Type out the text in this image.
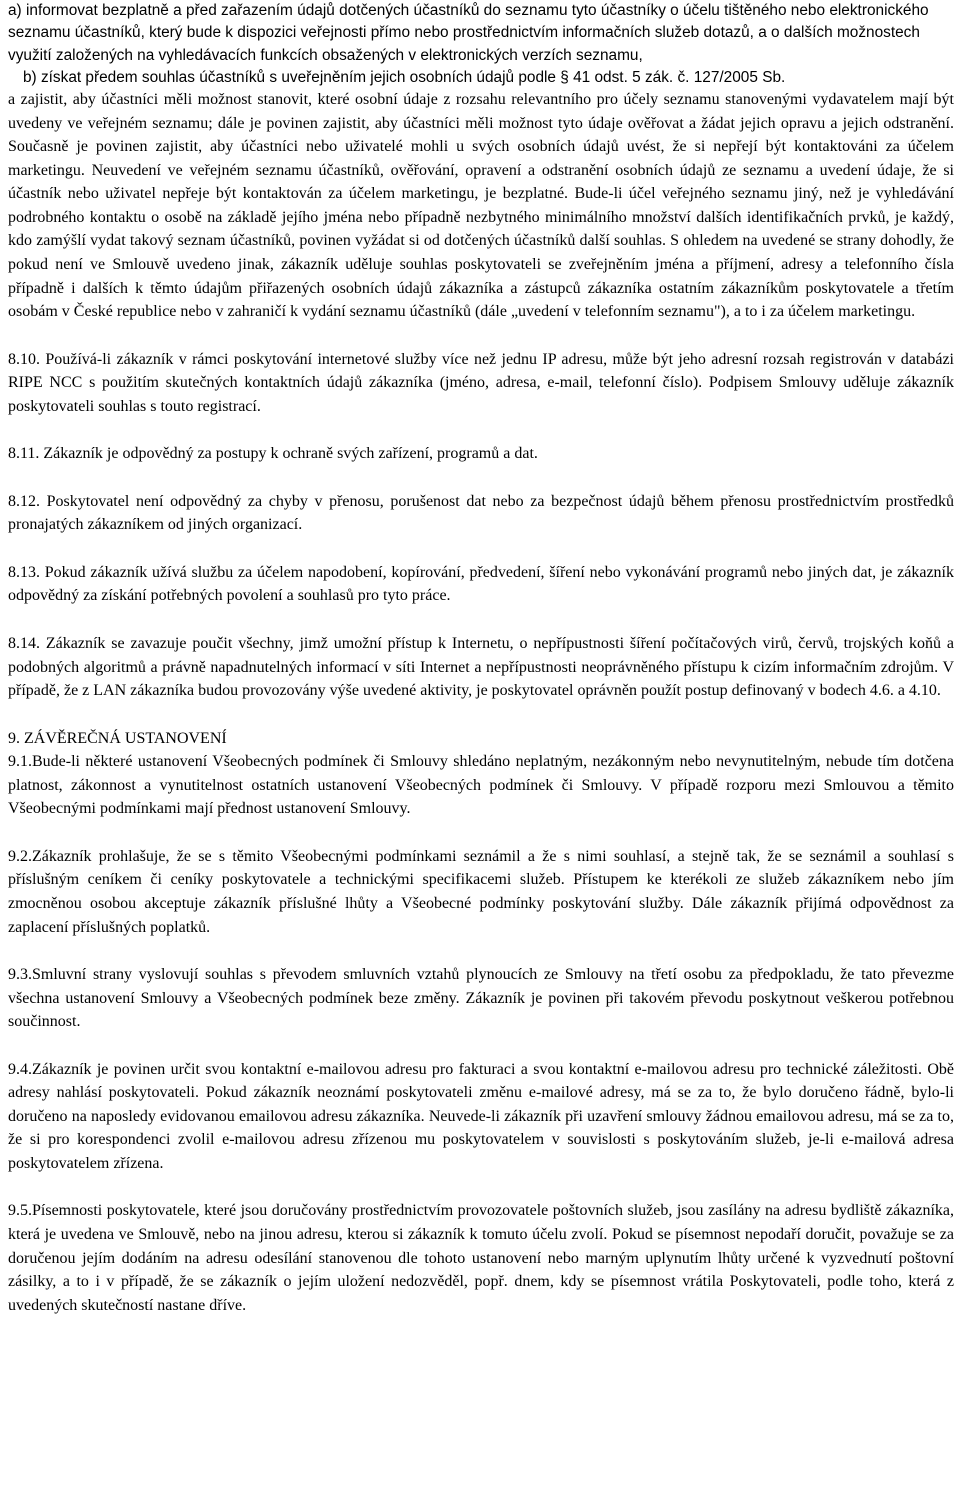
a) informovat bezplatně a před zařazením údajů dotčených účastníků do seznamu tyto účastníky o účelu tištěného nebo elektronického seznamu účastníků, který bude k dispozici veřejnosti přímo nebo prostřednictvím informačních služeb dotazů, a o dalších možnostech využití založených na vyhledávacích funkcích obsažených v elektronických verzích seznamu,

b) získat předem souhlas účastníků s uveřejněním jejich osobních údajů podle § 41 odst. 5 zák. č. 127/2005 Sb.

a zajistit, aby účastníci měli možnost stanovit, které osobní údaje z rozsahu relevantního pro účely seznamu stanovenými vydavatelem mají být uvedeny ve veřejném seznamu; dále je povinen zajistit, aby účastníci měli možnost tyto údaje ověřovat a žádat jejich opravu a jejich odstranění. Současně je povinen zajistit, aby účastníci nebo uživatelé mohli u svých osobních údajů uvést, že si nepřejí být kontaktováni za účelem marketingu. Neuvedení ve veřejném seznamu účastníků, ověřování, opravení a odstranění osobních údajů ze seznamu a uvedení údaje, že si účastník nebo uživatel nepřeje být kontaktován za účelem marketingu, je bezplatné. Bude-li účel veřejného seznamu jiný, než je vyhledávání podrobného kontaktu o osobě na základě jejího jména nebo případně nezbytného minimálního množství dalších identifikačních prvků, je každý, kdo zamýšlí vydat takový seznam účastníků, povinen vyžádat si od dotčených účastníků další souhlas. S ohledem na uvedené se strany dohodly, že pokud není ve Smlouvě uvedeno jinak, zákazník uděluje souhlas poskytovateli se zveřejněním jména a příjmení, adresy a telefonního čísla případně i dalších k těmto údajům přiřazených osobních údajů zákazníka a zástupců zákazníka ostatním zákazníkům poskytovatele a třetím osobám v České republice nebo v zahraničí k vydání seznamu účastníků (dále „uvedení v telefonním seznamu"), a to i za účelem marketingu.

8.10. Používá-li zákazník v rámci poskytování internetové služby více než jednu IP adresu, může být jeho adresní rozsah registrován v databázi RIPE NCC s použitím skutečných kontaktních údajů zákazníka (jméno, adresa, e-mail, telefonní číslo). Podpisem Smlouvy uděluje zákazník poskytovateli souhlas s touto registrací.

8.11. Zákazník je odpovědný za postupy k ochraně svých zařízení, programů a dat.

8.12. Poskytovatel není odpovědný za chyby v přenosu, porušenost dat nebo za bezpečnost údajů během přenosu prostřednictvím prostředků pronajatých zákazníkem od jiných organizací.

8.13. Pokud zákazník užívá službu za účelem napodobení, kopírování, předvedení, šíření nebo vykonávání programů nebo jiných dat, je zákazník odpovědný za získání potřebných povolení a souhlasů pro tyto práce.

8.14. Zákazník se zavazuje poučit všechny, jimž umožní přístup k Internetu, o nepřípustnosti šíření počítačových virů, červů, trojských koňů a podobných algoritmů a právně napadnutelných informací v síti Internet a nepřípustnosti neoprávněného přístupu k cizím informačním zdrojům. V případě, že z LAN zákazníka budou provozovány výše uvedené aktivity, je poskytovatel oprávněn použít postup definovaný v bodech 4.6. a 4.10.

9. ZÁVĚREČNÁ USTANOVENÍ

9.1.Bude-li některé ustanovení Všeobecných podmínek či Smlouvy shledáno neplatným, nezákonným nebo nevynutitelným, nebude tím dotčena platnost, zákonnost a vynutitelnost ostatních ustanovení Všeobecných podmínek či Smlouvy. V případě rozporu mezi Smlouvou a těmito Všeobecnými podmínkami mají přednost ustanovení Smlouvy.

9.2.Zákazník prohlašuje, že se s těmito Všeobecnými podmínkami seznámil a že s nimi souhlasí, a stejně tak, že se seznámil a souhlasí s příslušným ceníkem či ceníky poskytovatele a technickými specifikacemi služeb. Přístupem ke kterékoli ze služeb zákazníkem nebo jím zmocněnou osobou akceptuje zákazník příslušné lhůty a Všeobecné podmínky poskytování služby. Dále zákazník přijímá odpovědnost za zaplacení příslušných poplatků.

9.3.Smluvní strany vyslovují souhlas s převodem smluvních vztahů plynoucích ze Smlouvy na třetí osobu za předpokladu, že tato převezme všechna ustanovení Smlouvy a Všeobecných podmínek beze změny. Zákazník je povinen při takovém převodu poskytnout veškerou potřebnou součinnost.

9.4.Zákazník je povinen určit svou kontaktní e-mailovou adresu pro fakturaci a svou kontaktní e-mailovou adresu pro technické záležitosti. Obě adresy nahlásí poskytovateli. Pokud zákazník neoznámí poskytovateli změnu e-mailové adresy, má se za to, že bylo doručeno řádně, bylo-li doručeno na naposledy evidovanou emailovou adresu zákazníka. Neuvede-li zákazník při uzavření smlouvy žádnou emailovou adresu, má se za to, že si pro korespondenci zvolil e-mailovou adresu zřízenou mu poskytovatelem v souvislosti s poskytováním služeb, je-li e-mailová adresa poskytovatelem zřízena.

9.5.Písemnosti poskytovatele, které jsou doručovány prostřednictvím provozovatele poštovních služeb, jsou zasílány na adresu bydliště zákazníka, která je uvedena ve Smlouvě, nebo na jinou adresu, kterou si zákazník k tomuto účelu zvolí. Pokud se písemnost nepodaří doručit, považuje se za doručenou jejím dodáním na adresu odesílání stanovenou dle tohoto ustanovení nebo marným uplynutím lhůty určené k vyzvednutí poštovní zásilky, a to i v případě, že se zákazník o jejím uložení nedozvěděl, popř. dnem, kdy se písemnost vrátila Poskytovateli, podle toho, která z uvedených skutečností nastane dříve.
